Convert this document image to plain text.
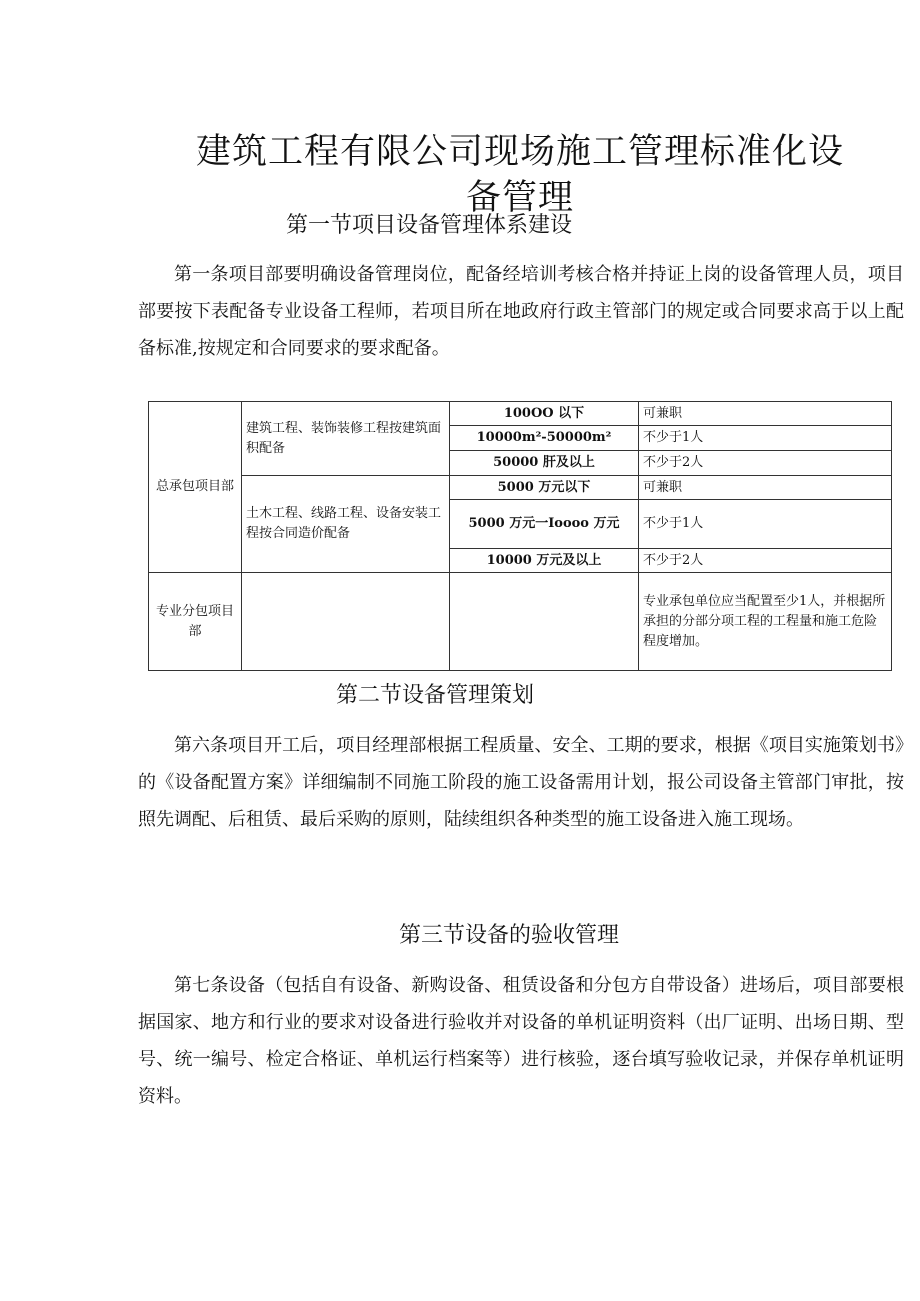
建筑工程有限公司现场施工管理标准化设
备管理
第一节项目设备管理体系建设

第一条项目部要明确设备管理岗位，配备经培训考核合格并持证上岗的设备管理人员，项目部要按下表配备专业设备工程师，若项目所在地政府行政主管部门的规定或合同要求高于以上配备标准,按规定和合同要求的要求配备。

总承包项目部	建筑工程、装饰装修工程按建筑面积配备	100OO 以下	可兼职
		10000m²-50000m²	不少于1人
		50000 肝及以上	不少于2人
	土木工程、线路工程、设备安装工程按合同造价配备	5000 万元以下	可兼职
		5000 万元一Ioooo 万元	不少于1人
		10000 万元及以上	不少于2人
专业分包项目部			专业承包单位应当配置至少1人，并根据所承担的分部分项工程的工程量和施工危险程度增加。
第二节设备管理策划

第六条项目开工后，项目经理部根据工程质量、安全、工期的要求，根据《项目实施策划书》的《设备配置方案》详细编制不同施工阶段的施工设备需用计划，报公司设备主管部门审批，按照先调配、后租赁、最后采购的原则，陆续组织各种类型的施工设备进入施工现场。

第三节设备的验收管理

第七条设备（包括自有设备、新购设备、租赁设备和分包方自带设备）进场后，项目部要根据国家、地方和行业的要求对设备进行验收并对设备的单机证明资料（出厂证明、出场日期、型号、统一编号、检定合格证、单机运行档案等）进行核验，逐台填写验收记录，并保存单机证明资料。
